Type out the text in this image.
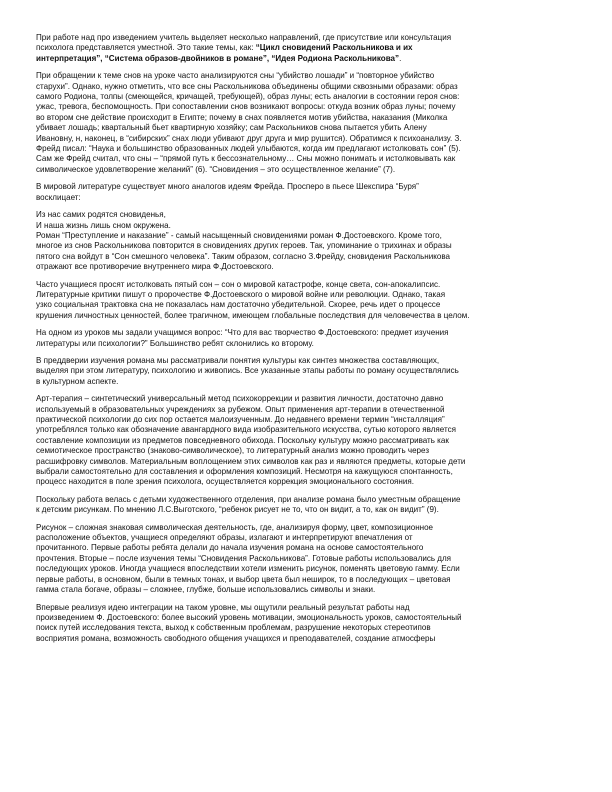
При работе над про изведением учитель выделяет несколько направлений, где присутствие или консультация
психолога представляется уместной. Это такие темы, как: “Цикл сновидений Раскольникова и их
интерпретация”, “Система образов-двойников в романе”, “Идея Родиона Раскольникова”.
При обращении к теме снов на уроке часто анализируются сны “убийство лошади” и “повторное убийство
старухи”. Однако, нужно отметить, что все сны Раскольникова объединены общими сквозными образами: образ
самого Родиона, толпы (смеющейся, кричащей, требующей), образ луны; есть аналогии в состоянии героя снов:
ужас, тревога, беспомощность. При сопоставлении снов возникают вопросы: откуда возник образ луны; почему
во втором сне действие происходит в Египте; почему в снах появляется мотив убийства, наказания (Миколка
убивает лошадь; квартальный бьет квартирную хозяйку; сам Раскольников снова пытается убить Алену
Ивановну, н, наконец, в “сибирских” снах люди убивают друг друга и мир рушится). Обратимся к психоанализу. З.
Фрейд писал: “Наука и большинство образованных людей улыбаются, когда им предлагают истолковать сон” (5).
Сам же Фрейд считал, что сны – “прямой путь к бессознательному… Сны можно понимать и истолковывать как
символическое удовлетворение желаний” (6). “Сновидения – это осуществленное желание” (7).
В мировой литературе существует много аналогов идеям Фрейда. Просперо в пьесе Шекспира “Буря”
восклицает:
Из нас самих родятся сновиденья,
И наша жизнь лишь сном окружена.
Роман “Преступление и наказание” - самый насыщенный сновидениями роман Ф.Достоевского. Кроме того,
многое из снов Раскольникова повторится в сновидениях других героев. Так, упоминание о трихинах и образы
пятого сна войдут в “Сон смешного человека”. Таким образом, согласно З.Фрейду, сновидения Раскольникова
отражают все противоречие внутреннего мира Ф.Достоевского.
Часто учащиеся просят истолковать пятый сон – сон о мировой катастрофе, конце света, сон-апокалипсис.
Литературные критики пишут о пророчестве Ф.Достоевского о мировой войне или революции. Однако, такая
узко социальная трактовка сна не показалась нам достаточно убедительной. Скорее, речь идет о процессе
крушения личностных ценностей, более трагичном, имеющем глобальные последствия для человечества в целом.
На одном из уроков мы задали учащимся вопрос: “Что для вас творчество Ф.Достоевского: предмет изучения
литературы или психологии?” Большинство ребят склонились ко второму.
В преддверии изучения романа мы рассматривали понятия культуры как синтез множества составляющих,
выделяя при этом литературу, психологию и живопись. Все указанные этапы работы по роману осуществлялись
в культурном аспекте.
Арт-терапия – синтетический универсальный метод психокоррекции и развития личности, достаточно давно
используемый в образовательных учреждениях за рубежом. Опыт применения арт-терапии в отечественной
практической психологии до сих пор остается малоизученным. До недавнего времени термин “инсталляция”
употреблялся только как обозначение авангардного вида изобразительного искусства, сутью которого является
составление композиции из предметов повседневного обихода. Поскольку культуру можно рассматривать как
семиотическое пространство (знаково-символическое), то литературный анализ можно проводить через
расшифровку символов. Материальным воплощением этих символов как раз и являются предметы, которые дети
выбрали самостоятельно для составления и оформления композиций. Несмотря на кажущуюся спонтанность,
процесс находится в поле зрения психолога, осуществляется коррекция эмоционального состояния.
Поскольку работа велась с детьми художественного отделения, при анализе романа было уместным обращение
к детским рисункам. По мнению Л.С.Выготского, “ребенок рисует не то, что он видит, а то, как он видит” (9).
Рисунок – сложная знаковая символическая деятельность, где, анализируя форму, цвет, композиционное
расположение объектов, учащиеся определяют образы, излагают и интерпретируют впечатления от
прочитанного. Первые работы ребята делали до начала изучения романа на основе самостоятельного
прочтения. Вторые – после изучения темы “Сновидения Раскольникова”. Готовые работы использовались для
последующих уроков. Иногда учащиеся впоследствии хотели изменить рисунок, поменять цветовую гамму. Если
первые работы, в основном, были в темных тонах, и выбор цвета был неширок, то в последующих – цветовая
гамма стала богаче, образы – сложнее, глубже, больше использовались символы и знаки.
Впервые реализуя идею интеграции на таком уровне, мы ощутили реальный результат работы над
произведением Ф. Достоевского: более высокий уровень мотивации, эмоциональность уроков, самостоятельный
поиск путей исследования текста, выход к собственным проблемам, разрушение некоторых стереотипов
восприятия романа, возможность свободного общения учащихся и преподавателей, создание атмосферы
